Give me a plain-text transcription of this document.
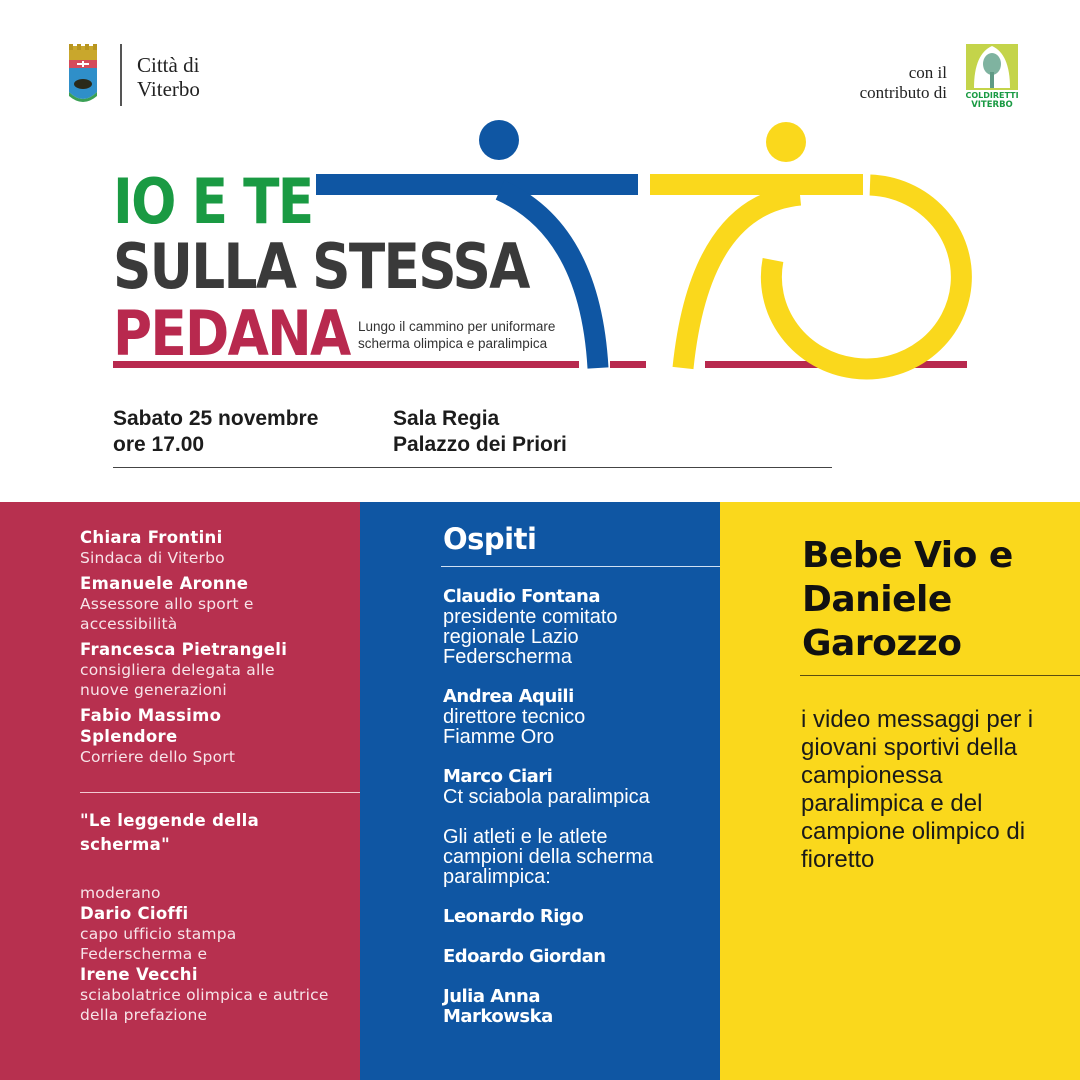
Città di
Viterbo
con il
contributo di COLDIRETTI
VITERBO
IO E TE
SULLA STESSA
PEDANA Lungo il cammino per uniformare
scherma olimpica e paralimpica
Sabato 25 novembre
ore 17.00
Sala Regia
Palazzo dei Priori
Chiara Frontini
Sindaca di Viterbo
Emanuele Aronne
Assessore allo sport e accessibilità
Francesca Pietrangeli
consigliera delegata alle nuove generazioni
Fabio Massimo Splendore
Corriere dello Sport
"Le leggende della scherma"
moderano
Dario Cioffi
capo ufficio stampa Federscherma e
Irene Vecchi
sciabolatrice olimpica e autrice della prefazione
Ospiti
Claudio Fontana
presidente comitato regionale Lazio Federscherma
Andrea Aquili
direttore tecnico Fiamme Oro
Marco Ciari
Ct sciabola paralimpica
Gli atleti e le atlete campioni della scherma paralimpica:
Leonardo Rigo
Edoardo Giordan
Julia Anna Markowska
Bebe Vio e Daniele Garozzo
i video messaggi per i giovani sportivi della campionessa paralimpica e del campione olimpico di fioretto
